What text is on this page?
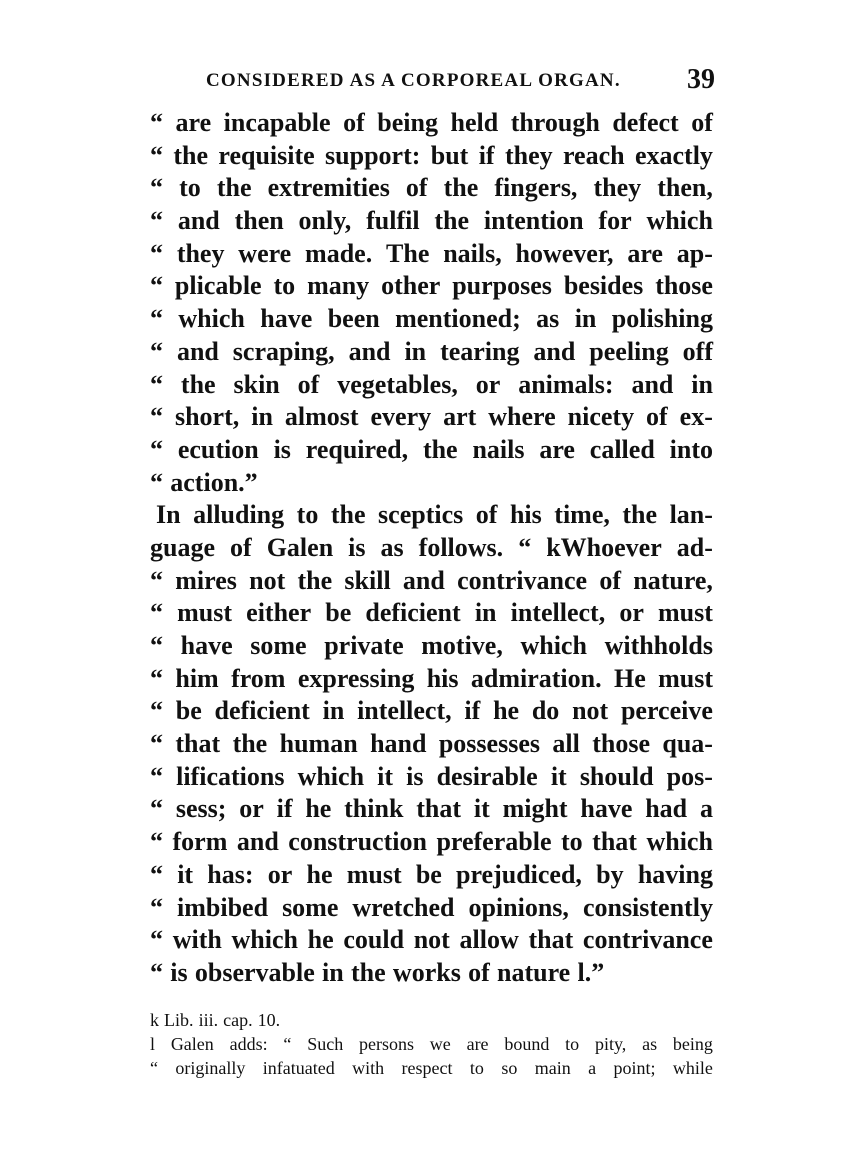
CONSIDERED AS A CORPOREAL ORGAN. 39
“ are incapable of being held through defect of
“ the requisite support: but if they reach exactly
“ to the extremities of the fingers, they then,
“ and then only, fulfil the intention for which
“ they were made. The nails, however, are ap-
“ plicable to many other purposes besides those
“ which have been mentioned; as in polishing
“ and scraping, and in tearing and peeling off
“ the skin of vegetables, or animals: and in
“ short, in almost every art where nicety of ex-
“ ecution is required, the nails are called into
“ action.”
In alluding to the sceptics of his time, the lan-
guage of Galen is as follows. “ kWhoever ad-
“ mires not the skill and contrivance of nature,
“ must either be deficient in intellect, or must
“ have some private motive, which withholds
“ him from expressing his admiration. He must
“ be deficient in intellect, if he do not perceive
“ that the human hand possesses all those qua-
“ lifications which it is desirable it should pos-
“ sess; or if he think that it might have had a
“ form and construction preferable to that which
“ it has: or he must be prejudiced, by having
“ imbibed some wretched opinions, consistently
“ with which he could not allow that contrivance
“ is observable in the works of nature l.”
k Lib. iii. cap. 10.
l Galen adds: “ Such persons we are bound to pity, as being
“ originally infatuated with respect to so main a point; while
